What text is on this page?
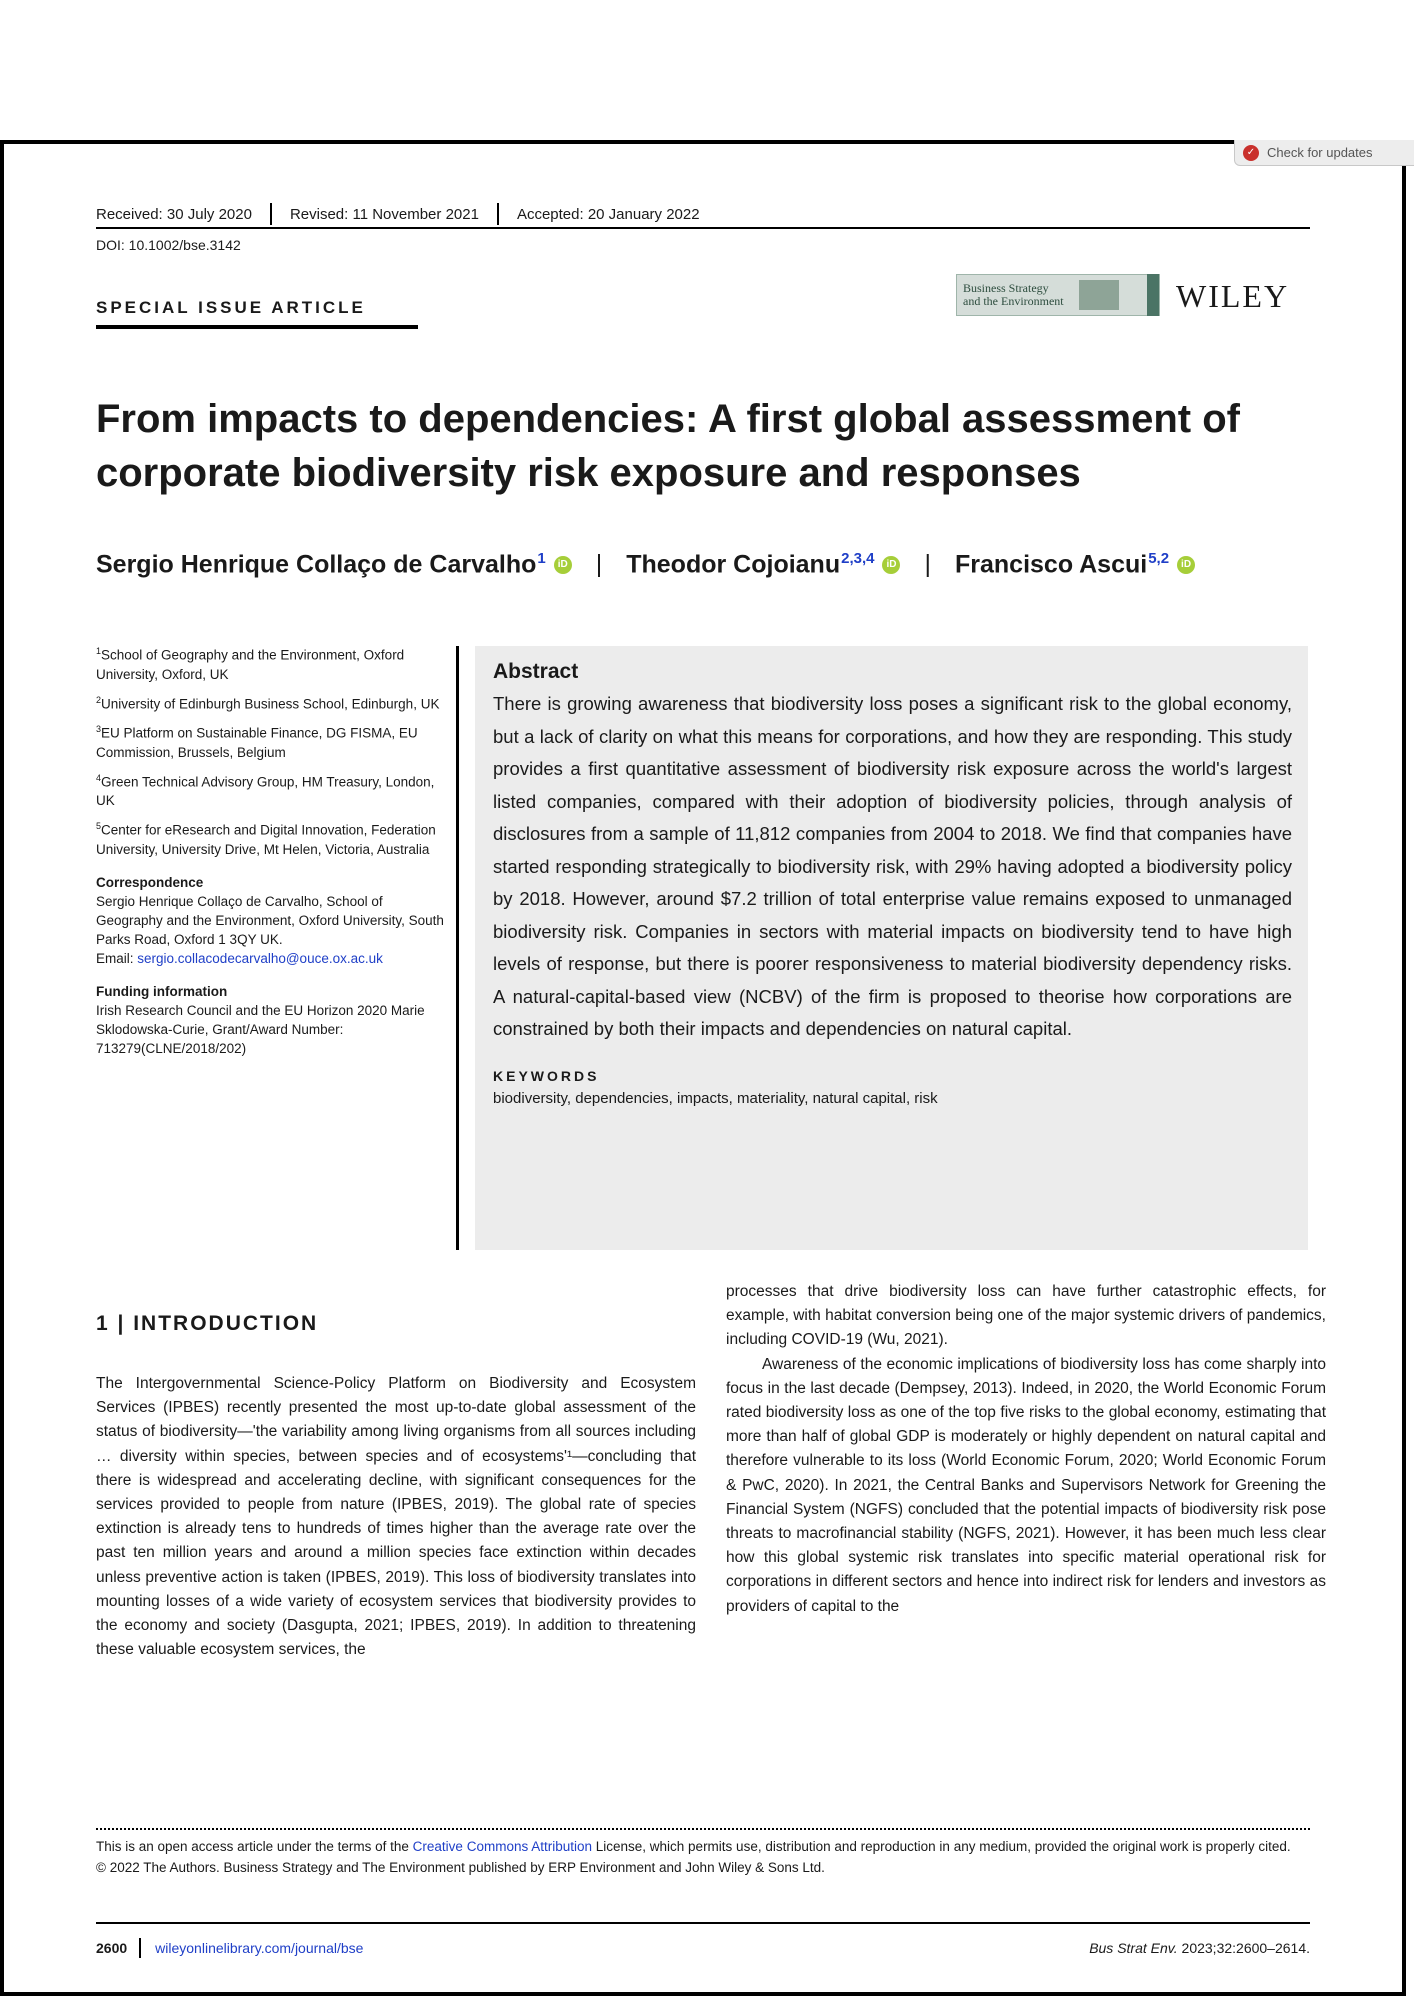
✓ Check for updates
Received: 30 July 2020	Revised: 11 November 2021	Accepted: 20 January 2022
DOI: 10.1002/bse.3142
SPECIAL ISSUE ARTICLE
Business Strategy
and the Environment	WILEY
From impacts to dependencies: A first global assessment of corporate biodiversity risk exposure and responses
Sergio Henrique Collaço de Carvalho$^1$	iD | Theodor Cojoianu$^{2,3,4}$	iD | Francisco Ascui$^{5,2}$	iD

$^1$School of Geography and the Environment, Oxford University, Oxford, UK

$^2$University of Edinburgh Business School, Edinburgh, UK

$^3$EU Platform on Sustainable Finance, DG FISMA, EU Commission, Brussels, Belgium

$^4$Green Technical Advisory Group, HM Treasury, London, UK

$^5$Center for eResearch and Digital Innovation, Federation University, University Drive, Mt Helen, Victoria, Australia

Correspondence
Sergio Henrique Collaço de Carvalho, School of Geography and the Environment, Oxford University, South Parks Road, Oxford 1 3QY UK.
Email: sergio.collacodecarvalho@ouce.ox.ac.uk
Funding information
Irish Research Council and the EU Horizon 2020 Marie Sklodowska-Curie, Grant/Award Number: 713279(CLNE/2018/202)
Abstract

There is growing awareness that biodiversity loss poses a significant risk to the global economy, but a lack of clarity on what this means for corporations, and how they are responding. This study provides a first quantitative assessment of biodiversity risk exposure across the world's largest listed companies, compared with their adoption of biodiversity policies, through analysis of disclosures from a sample of 11,812 companies from 2004 to 2018. We find that companies have started responding strategically to biodiversity risk, with 29% having adopted a biodiversity policy by 2018. However, around $7.2 trillion of total enterprise value remains exposed to unmanaged biodiversity risk. Companies in sectors with material impacts on biodiversity tend to have high levels of response, but there is poorer responsiveness to material biodiversity dependency risks. A natural-capital-based view (NCBV) of the firm is proposed to theorise how corporations are constrained by both their impacts and dependencies on natural capital.

KEYWORDS
biodiversity, dependencies, impacts, materiality, natural capital, risk
1 | INTRODUCTION

The Intergovernmental Science-Policy Platform on Biodiversity and Ecosystem Services (IPBES) recently presented the most up-to-date global assessment of the status of biodiversity—'the variability among living organisms from all sources including … diversity within species, between species and of ecosystems'¹—concluding that there is widespread and accelerating decline, with significant consequences for the services provided to people from nature (IPBES, 2019). The global rate of species extinction is already tens to hundreds of times higher than the average rate over the past ten million years and around a million species face extinction within decades unless preventive action is taken (IPBES, 2019). This loss of biodiversity translates into mounting losses of a wide variety of ecosystem services that biodiversity provides to the economy and society (Dasgupta, 2021; IPBES, 2019). In addition to threatening these valuable ecosystem services, the

processes that drive biodiversity loss can have further catastrophic effects, for example, with habitat conversion being one of the major systemic drivers of pandemics, including COVID-19 (Wu, 2021).

Awareness of the economic implications of biodiversity loss has come sharply into focus in the last decade (Dempsey, 2013). Indeed, in 2020, the World Economic Forum rated biodiversity loss as one of the top five risks to the global economy, estimating that more than half of global GDP is moderately or highly dependent on natural capital and therefore vulnerable to its loss (World Economic Forum, 2020; World Economic Forum & PwC, 2020). In 2021, the Central Banks and Supervisors Network for Greening the Financial System (NGFS) concluded that the potential impacts of biodiversity risk pose threats to macrofinancial stability (NGFS, 2021). However, it has been much less clear how this global systemic risk translates into specific material operational risk for corporations in different sectors and hence into indirect risk for lenders and investors as providers of capital to the

This is an open access article under the terms of the Creative Commons Attribution License, which permits use, distribution and reproduction in any medium, provided the original work is properly cited.
© 2022 The Authors. Business Strategy and The Environment published by ERP Environment and John Wiley & Sons Ltd.
2600 wileyonlinelibrary.com/journal/bse	Bus Strat Env. 2023;32:2600–2614.
